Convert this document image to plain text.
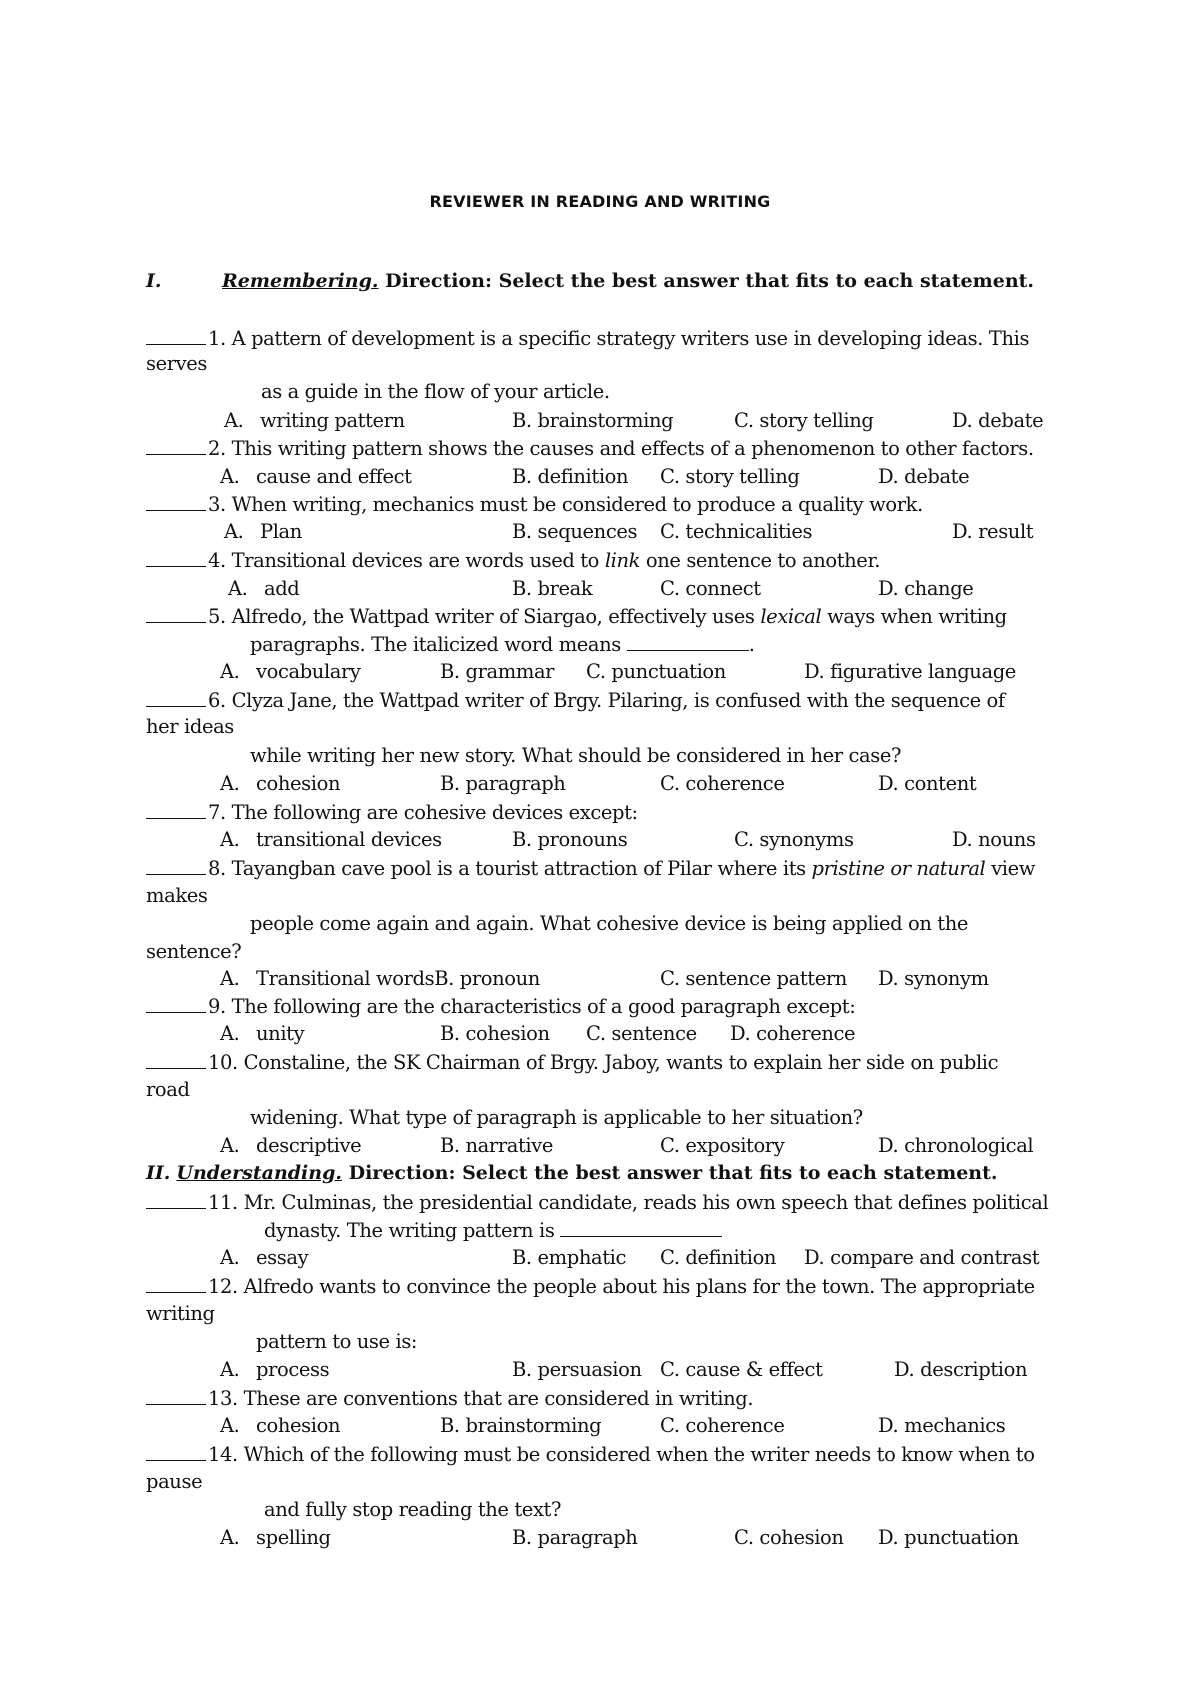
REVIEWER IN READING AND WRITING
I.	Remembering. Direction: Select the best answer that fits to each statement.
1. A pattern of development is a specific strategy writers use in developing ideas. This
serves
as a guide in the flow of your article.
A. writing pattern	B. brainstorming	C. story telling	D. debate
2. This writing pattern shows the causes and effects of a phenomenon to other factors.
A. cause and effect	B. definition C. story telling	D. debate
3. When writing, mechanics must be considered to produce a quality work.
A. Plan	B. sequences C. technicalities	D. result
4. Transitional devices are words used to link one sentence to another.
A. add	B. break	C. connect	D. change
5. Alfredo, the Wattpad writer of Siargao, effectively uses lexical ways when writing
paragraphs. The italicized word means	.
A. vocabulary	B. grammar C. punctuation	D. figurative language
6. Clyza Jane, the Wattpad writer of Brgy. Pilaring, is confused with the sequence of
her ideas
while writing her new story. What should be considered in her case?
A. cohesion	B. paragraph	C. coherence	D. content
7. The following are cohesive devices except:
A. transitional devices	B. pronouns	C. synonyms	D. nouns
8. Tayangban cave pool is a tourist attraction of Pilar where its pristine or natural view
makes
people come again and again. What cohesive device is being applied on the
sentence?
A. Transitional wordsB. pronoun	C. sentence pattern D. synonym
9. The following are the characteristics of a good paragraph except:
A. unity	B. cohesion C. sentence D. coherence
10. Constaline, the SK Chairman of Brgy. Jaboy, wants to explain her side on public
road
widening. What type of paragraph is applicable to her situation?
A. descriptive	B. narrative	C. expository	D. chronological
II. Understanding. Direction: Select the best answer that fits to each statement.
11. Mr. Culminas, the presidential candidate, reads his own speech that defines political
dynasty. The writing pattern is
A. essay	B. emphatic C. definition D. compare and contrast
12. Alfredo wants to convince the people about his plans for the town. The appropriate
writing
pattern to use is:
A. process	B. persuasion C. cause & effect	D. description
13. These are conventions that are considered in writing.
A. cohesion	B. brainstorming	C. coherence	D. mechanics
14. Which of the following must be considered when the writer needs to know when to
pause
and fully stop reading the text?
A. spelling	B. paragraph	C. cohesion D. punctuation
